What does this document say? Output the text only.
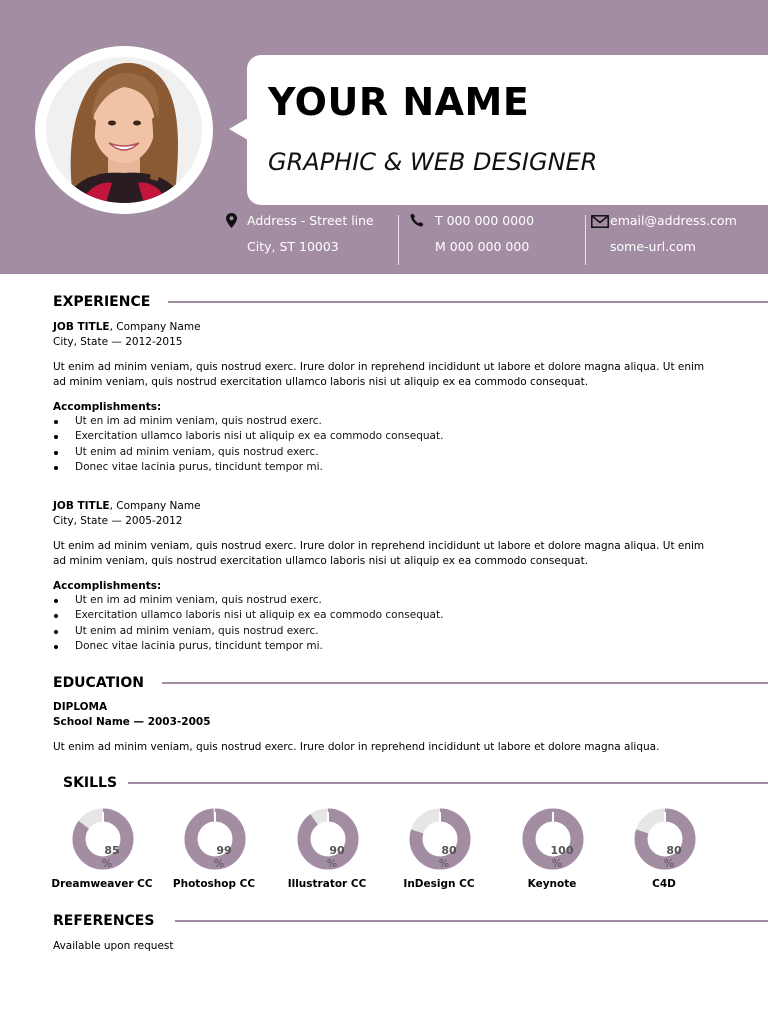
YOUR NAME
GRAPHIC & WEB DESIGNER
Address - Street line
City, ST 10003
T 000 000 0000
M 000 000 000
email@address.com
some-url.com
EXPERIENCE
JOB TITLE, Company Name
City, State — 2012-2015
Ut enim ad minim veniam, quis nostrud exerc. Irure dolor in reprehend incididunt ut labore et dolore magna aliqua. Ut enim
ad minim veniam, quis nostrud exercitation ullamco laboris nisi ut aliquip ex ea commodo consequat.
Accomplishments:
Ut en im ad minim veniam, quis nostrud exerc.
Exercitation ullamco laboris nisi ut aliquip ex ea commodo consequat.
Ut enim ad minim veniam, quis nostrud exerc.
Donec vitae lacinia purus, tincidunt tempor mi.
JOB TITLE, Company Name
City, State — 2005-2012
Ut enim ad minim veniam, quis nostrud exerc. Irure dolor in reprehend incididunt ut labore et dolore magna aliqua. Ut enim
ad minim veniam, quis nostrud exercitation ullamco laboris nisi ut aliquip ex ea commodo consequat.
Accomplishments:
Ut en im ad minim veniam, quis nostrud exerc.
Exercitation ullamco laboris nisi ut aliquip ex ea commodo consequat.
Ut enim ad minim veniam, quis nostrud exerc.
Donec vitae lacinia purus, tincidunt tempor mi.
EDUCATION
DIPLOMA
School Name — 2003-2005
Ut enim ad minim veniam, quis nostrud exerc. Irure dolor in reprehend incididunt ut labore et dolore magna aliqua.
SKILLS
85
%
Dreamweaver CC
99
%
Photoshop CC
90
%
Illustrator CC
80
%
InDesign CC
100
%
Keynote
80
%
C4D
REFERENCES
Available upon request
